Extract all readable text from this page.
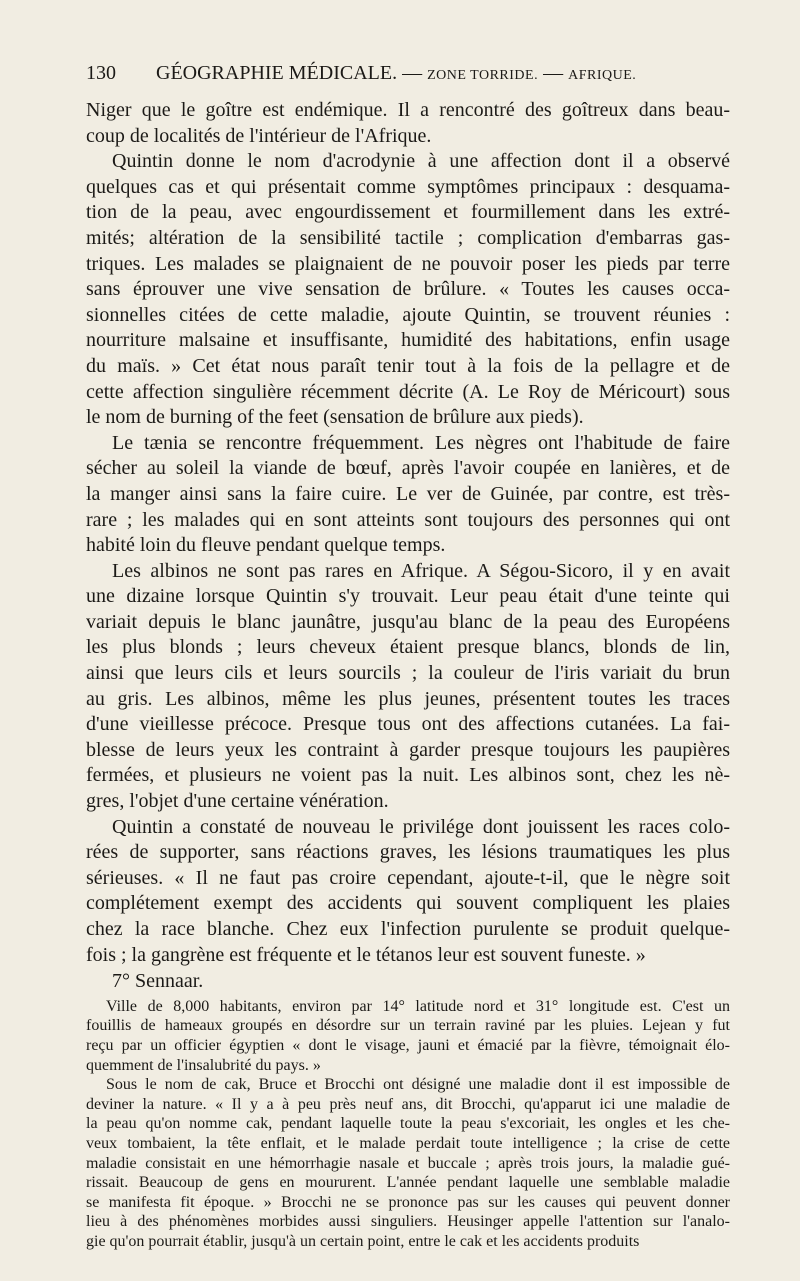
130	GÉOGRAPHIE MÉDICALE. — ZONE TORRIDE. — AFRIQUE.
Niger que le goître est endémique. Il a rencontré des goîtreux dans beau-
coup de localités de l'intérieur de l'Afrique.
Quintin donne le nom d'acrodynie à une affection dont il a observé
quelques cas et qui présentait comme symptômes principaux : desquama-
tion de la peau, avec engourdissement et fourmillement dans les extré-
mités; altération de la sensibilité tactile ; complication d'embarras gas-
triques. Les malades se plaignaient de ne pouvoir poser les pieds par terre
sans éprouver une vive sensation de brûlure. « Toutes les causes occa-
sionnelles citées de cette maladie, ajoute Quintin, se trouvent réunies :
nourriture malsaine et insuffisante, humidité des habitations, enfin usage
du maïs. » Cet état nous paraît tenir tout à la fois de la pellagre et de
cette affection singulière récemment décrite (A. Le Roy de Méricourt) sous
le nom de burning of the feet (sensation de brûlure aux pieds).
Le tænia se rencontre fréquemment. Les nègres ont l'habitude de faire
sécher au soleil la viande de bœuf, après l'avoir coupée en lanières, et de
la manger ainsi sans la faire cuire. Le ver de Guinée, par contre, est très-
rare ; les malades qui en sont atteints sont toujours des personnes qui ont
habité loin du fleuve pendant quelque temps.
Les albinos ne sont pas rares en Afrique. A Ségou-Sicoro, il y en avait
une dizaine lorsque Quintin s'y trouvait. Leur peau était d'une teinte qui
variait depuis le blanc jaunâtre, jusqu'au blanc de la peau des Européens
les plus blonds ; leurs cheveux étaient presque blancs, blonds de lin,
ainsi que leurs cils et leurs sourcils ; la couleur de l'iris variait du brun
au gris. Les albinos, même les plus jeunes, présentent toutes les traces
d'une vieillesse précoce. Presque tous ont des affections cutanées. La fai-
blesse de leurs yeux les contraint à garder presque toujours les paupières
fermées, et plusieurs ne voient pas la nuit. Les albinos sont, chez les nè-
gres, l'objet d'une certaine vénération.
Quintin a constaté de nouveau le privilége dont jouissent les races colo-
rées de supporter, sans réactions graves, les lésions traumatiques les plus
sérieuses. « Il ne faut pas croire cependant, ajoute-t-il, que le nègre soit
complétement exempt des accidents qui souvent compliquent les plaies
chez la race blanche. Chez eux l'infection purulente se produit quelque-
fois ; la gangrène est fréquente et le tétanos leur est souvent funeste. »
7° Sennaar.
Ville de 8,000 habitants, environ par 14° latitude nord et 31° longitude est. C'est un
fouillis de hameaux groupés en désordre sur un terrain raviné par les pluies. Lejean y fut
reçu par un officier égyptien « dont le visage, jauni et émacié par la fièvre, témoignait élo-
quemment de l'insalubrité du pays. »
Sous le nom de cak, Bruce et Brocchi ont désigné une maladie dont il est impossible de
deviner la nature. « Il y a à peu près neuf ans, dit Brocchi, qu'apparut ici une maladie de
la peau qu'on nomme cak, pendant laquelle toute la peau s'excoriait, les ongles et les che-
veux tombaient, la tête enflait, et le malade perdait toute intelligence ; la crise de cette
maladie consistait en une hémorrhagie nasale et buccale ; après trois jours, la maladie gué-
rissait. Beaucoup de gens en moururent. L'année pendant laquelle une semblable maladie
se manifesta fit époque. » Brocchi ne se prononce pas sur les causes qui peuvent donner
lieu à des phénomènes morbides aussi singuliers. Heusinger appelle l'attention sur l'analo-
gie qu'on pourrait établir, jusqu'à un certain point, entre le cak et les accidents produits
